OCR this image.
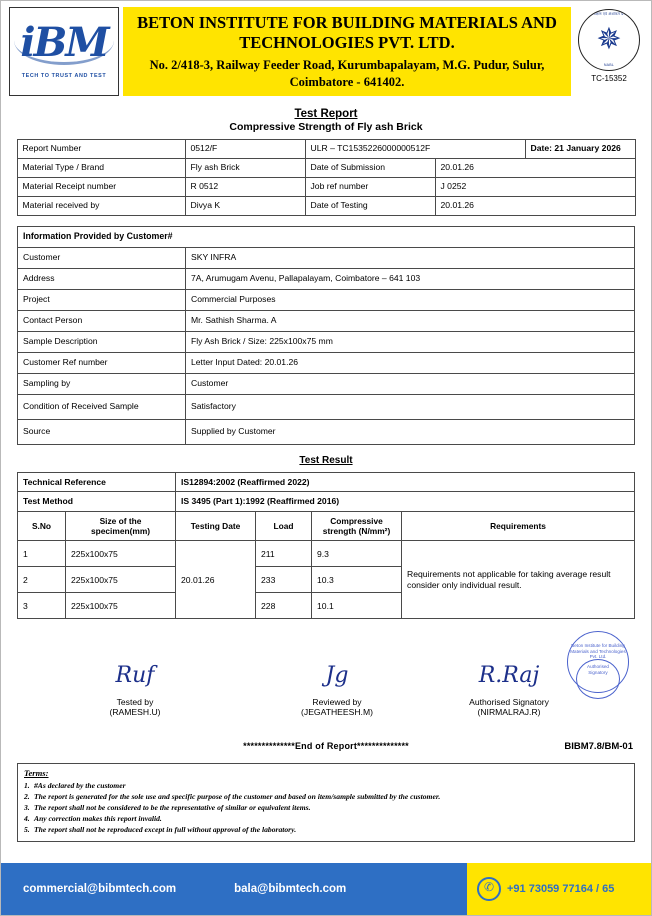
iBM
TECH TO TRUST AND TEST
BETON INSTITUTE FOR BUILDING MATERIALS AND TECHNOLOGIES PVT. LTD.
No. 2/418-3, Railway Feeder Road, Kurumbapalayam, M.G. Pudur, Sulur, Coimbatore - 641402.
राष्ट्रीय परीक्षण एवं अंशांकन प्रयोगशाला
✵
NABL
TC-15352
Test Report
Compressive Strength of Fly ash Brick
Report Number	0512/F	ULR – TC1535226000000512F		Date: 21 January 2026
Material Type / Brand	Fly ash Brick	Date of Submission	20.01.26	
Material Receipt number	R 0512	Job ref number	J 0252	
Material received by	Divya K	Date of Testing	20.01.26	
Information Provided by Customer#	
Customer	SKY INFRA
Address	7A, Arumugam Avenu, Pallapalayam, Coimbatore – 641 103
Project	Commercial Purposes
Contact Person	Mr. Sathish Sharma. A
Sample Description	Fly Ash Brick / Size: 225x100x75 mm
Customer Ref number	Letter Input Dated: 20.01.26
Sampling by	Customer
Condition of Received Sample	Satisfactory
Source	Supplied by Customer
Test Result
Technical Reference		IS12894:2002 (Reaffirmed 2022)			
Test Method		IS 3495 (Part 1):1992 (Reaffirmed 2016)			
S.No	Size of the specimen(mm)	Testing Date	Load	Compressive strength (N/mm²)	Requirements
1	225x100x75	20.01.26	211	9.3	Requirements not applicable for taking average result consider only individual result.
2	225x100x75		233	10.3	
3	225x100x75		228	10.1	
Ruf
Tested by
(RAMESH.U)
Jg
Reviewed by
(JEGATHEESH.M)
R.Raj
Authorised Signatory
(NIRMALRAJ.R)
Beton Institute for Building Materials and Technologies Pvt. Ltd.
Authorised Signatory
**************End of Report**************	BIBM7.8/BM-01
Terms:
1. #As declared by the customer
2. The report is generated for the sole use and specific purpose of the customer and based on item/sample submitted by the customer.
3. The report shall not be considered to be the representative of similar or equivalent items.
4. Any correction makes this report invalid.
5. The report shall not be reproduced except in full without approval of the laboratory.
commercial@bibmtech.com	bala@bibmtech.com	✆	+91 73059 77164 / 65
